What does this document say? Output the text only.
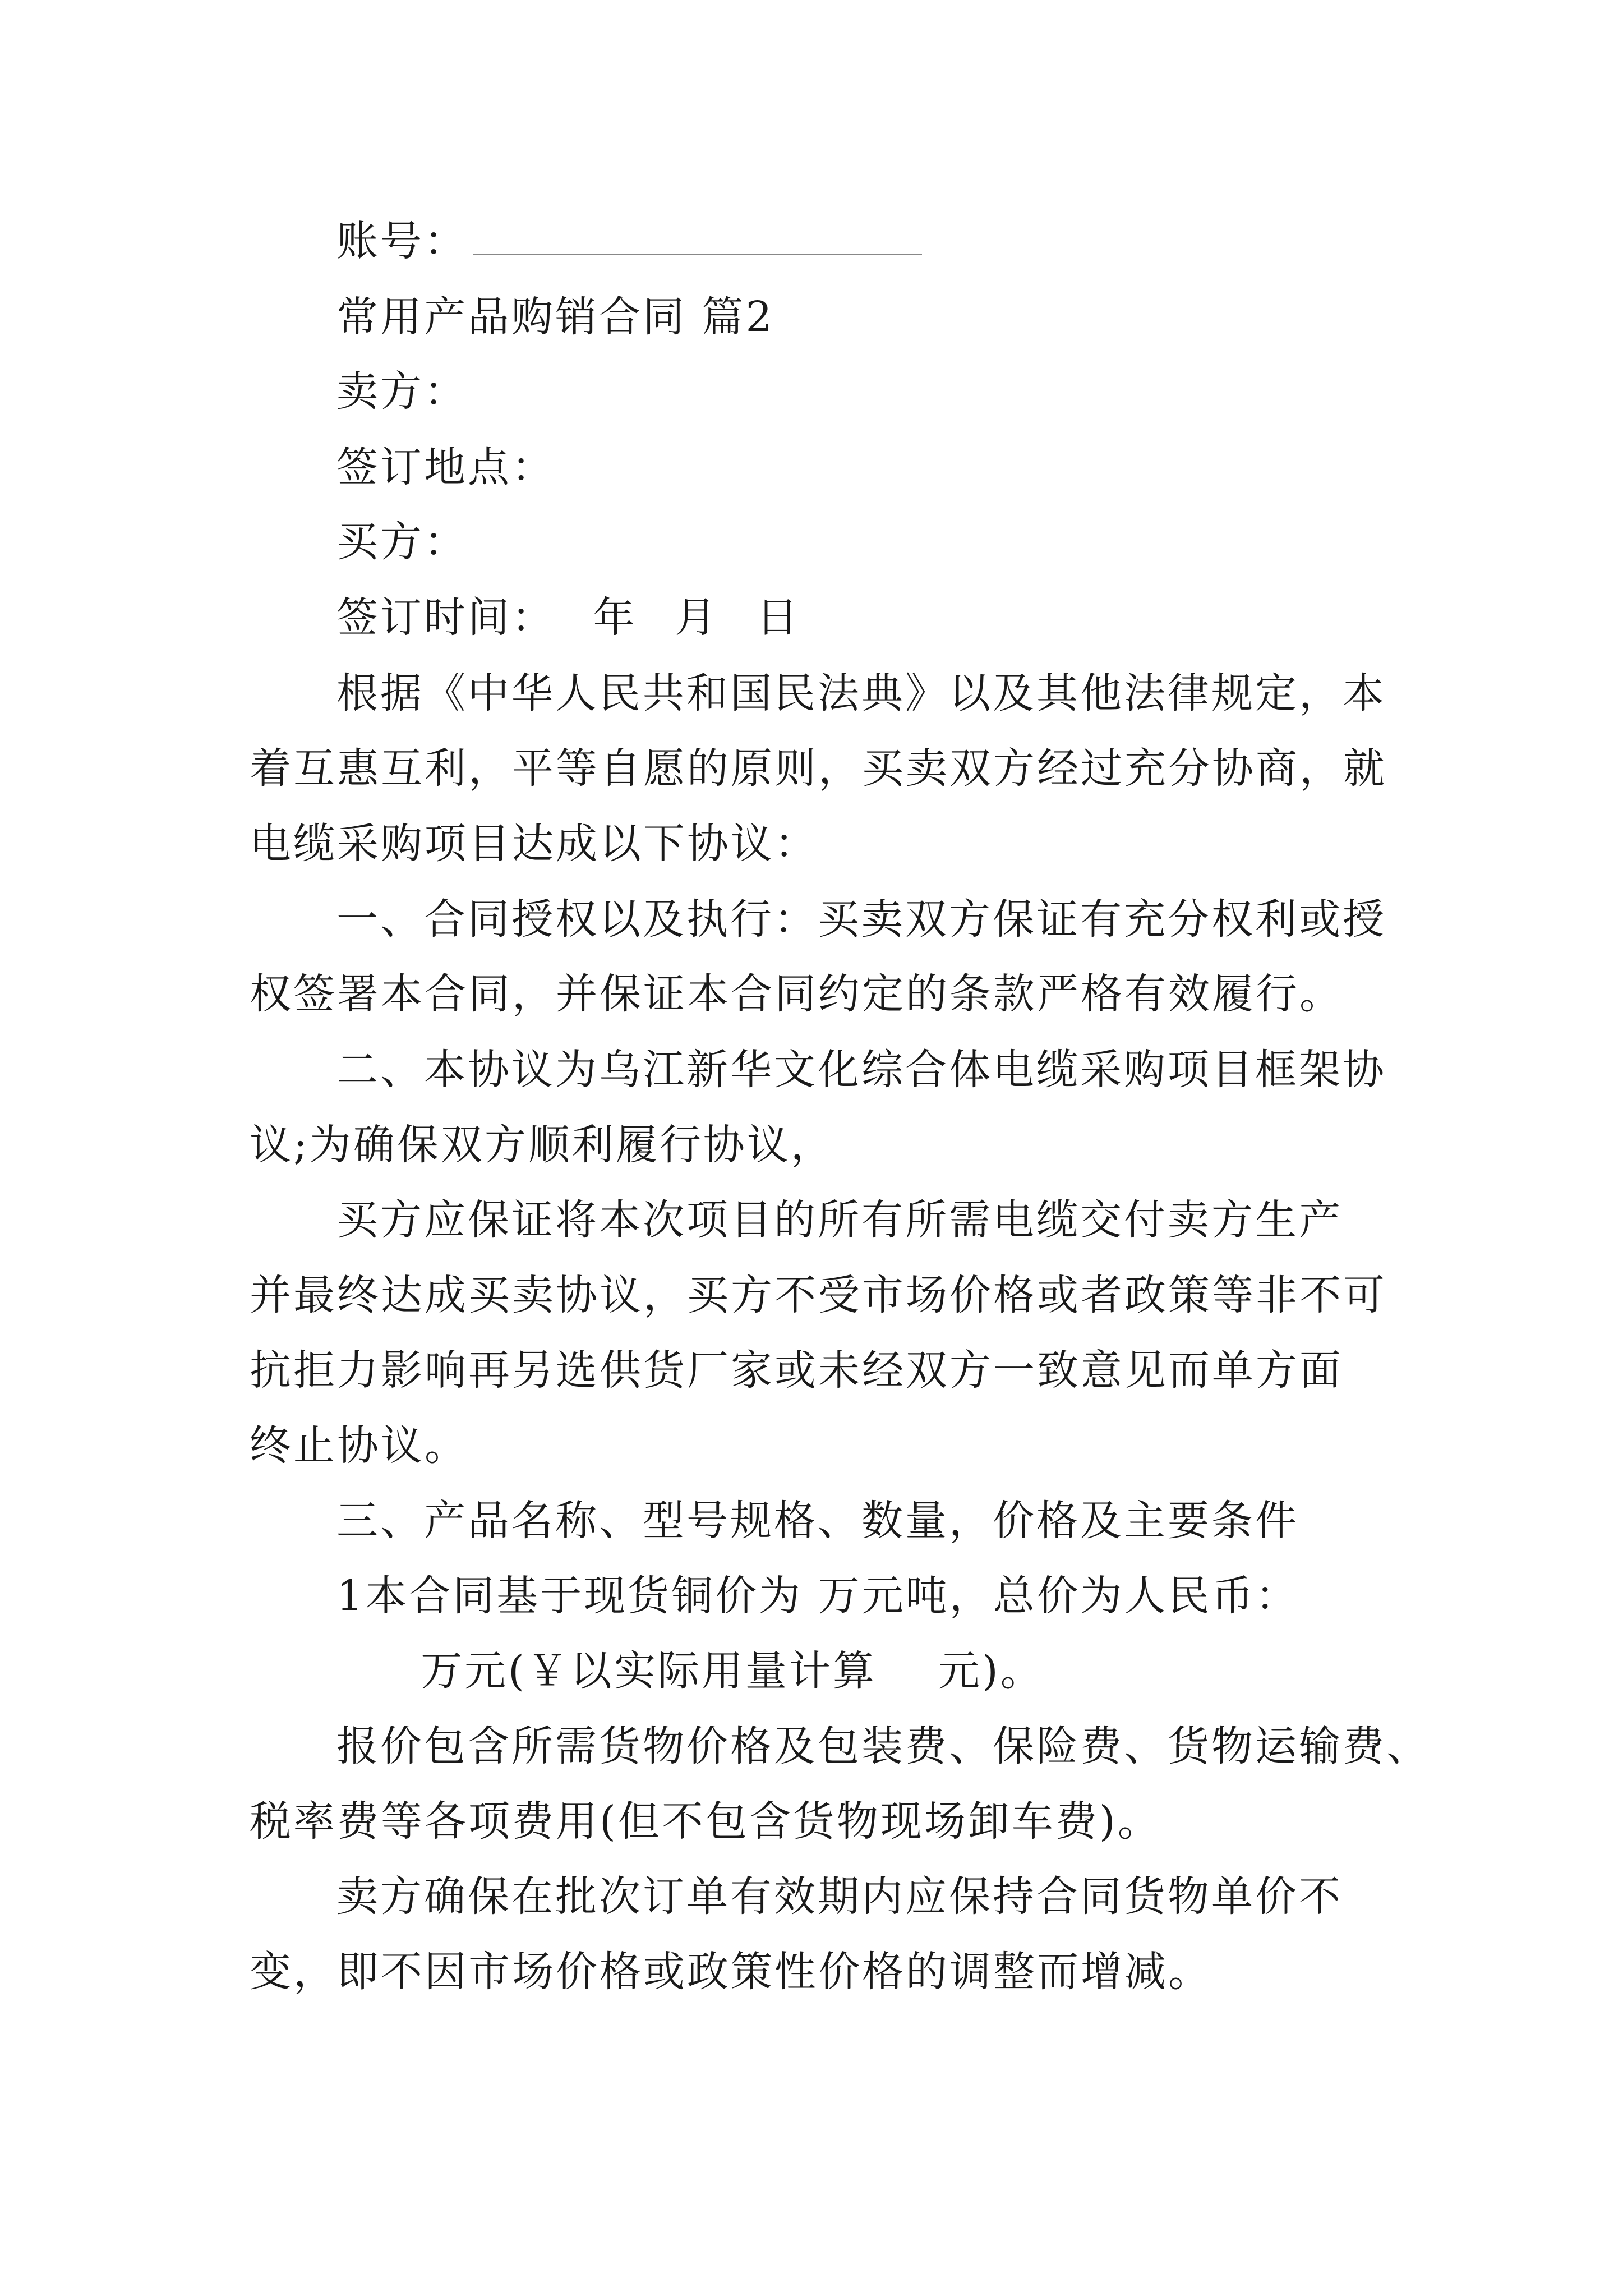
账号：
常用产品购销合同 篇2
卖方：
签订地点：
买方：
签订时间： 年 月 日
根据《中华人民共和国民法典》以及其他法律规定，本
着互惠互利，平等自愿的原则，买卖双方经过充分协商，就
电缆采购项目达成以下协议：
一、合同授权以及执行：买卖双方保证有充分权利或授
权签署本合同，并保证本合同约定的条款严格有效履行。
二、本协议为乌江新华文化综合体电缆采购项目框架协
议;为确保双方顺利履行协议，
买方应保证将本次项目的所有所需电缆交付卖方生产
并最终达成买卖协议，买方不受市场价格或者政策等非不可
抗拒力影响再另选供货厂家或未经双方一致意见而单方面
终止协议。
三、产品名称、型号规格、数量，价格及主要条件
1本合同基于现货铜价为 万元吨，总价为人民币：
万元(￥以实际用量计算 元)。
报价包含所需货物价格及包装费、保险费、货物运输费、
税率费等各项费用(但不包含货物现场卸车费)。
卖方确保在批次订单有效期内应保持合同货物单价不
变，即不因市场价格或政策性价格的调整而增减。
